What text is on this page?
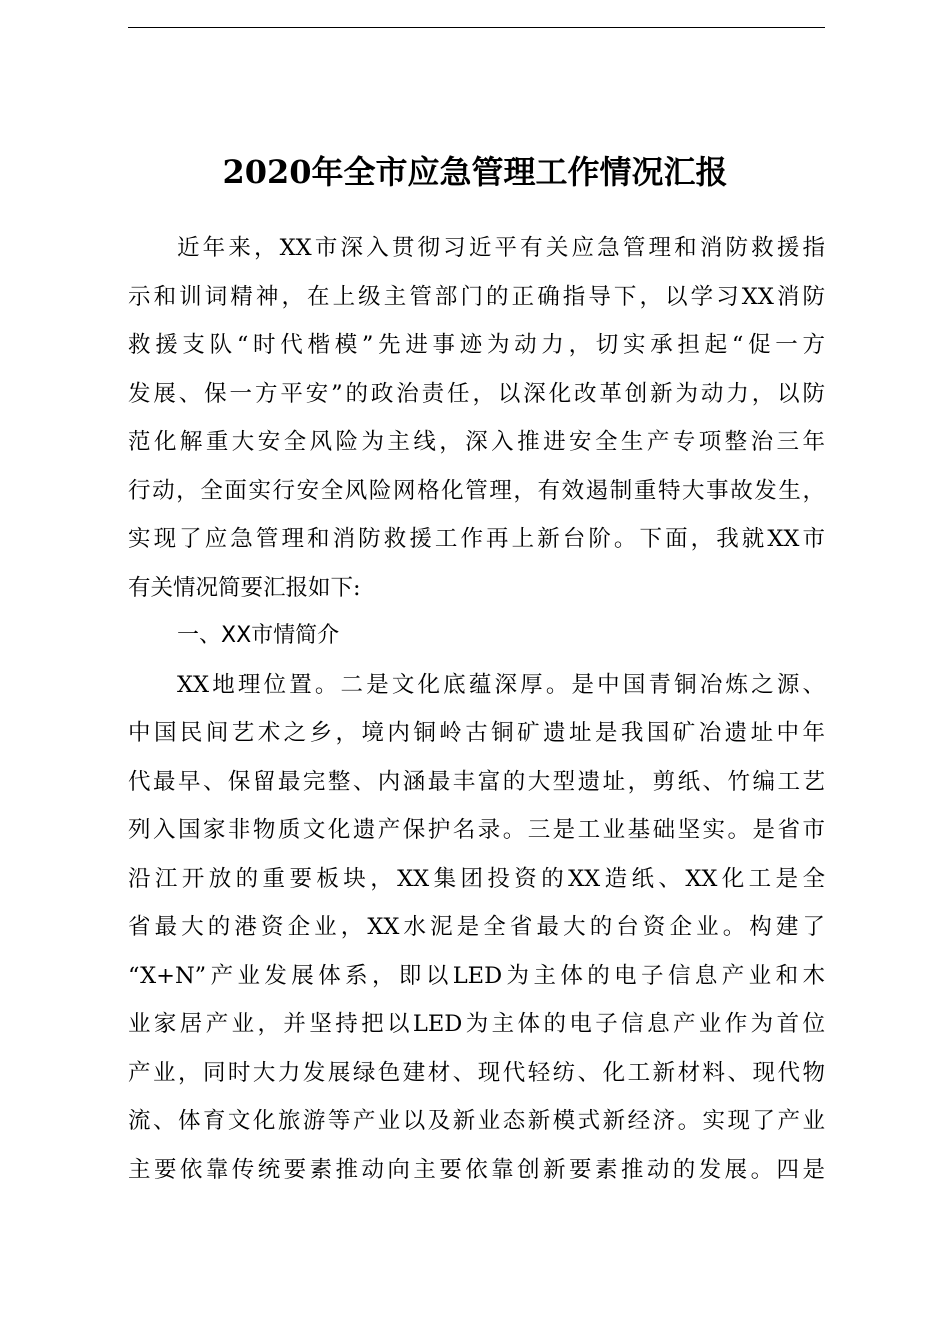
2020年全市应急管理工作情况汇报
近年来，XX市深入贯彻习近平有关应急管理和消防救援指
示和训词精神，在上级主管部门的正确指导下，以学习XX消防
救援支队“时代楷模”先进事迹为动力，切实承担起“促一方
发展、保一方平安”的政治责任，以深化改革创新为动力，以防
范化解重大安全风险为主线，深入推进安全生产专项整治三年
行动，全面实行安全风险网格化管理，有效遏制重特大事故发生，
实现了应急管理和消防救援工作再上新台阶。下面，我就XX市
有关情况简要汇报如下:
一、XX市情简介
XX地理位置。二是文化底蕴深厚。是中国青铜冶炼之源、
中国民间艺术之乡，境内铜岭古铜矿遗址是我国矿冶遗址中年
代最早、保留最完整、内涵最丰富的大型遗址，剪纸、竹编工艺
列入国家非物质文化遗产保护名录。三是工业基础坚实。是省市
沿江开放的重要板块，XX集团投资的XX造纸、XX化工是全
省最大的港资企业，XX水泥是全省最大的台资企业。构建了
“X+N”产业发展体系，即以LED为主体的电子信息产业和木
业家居产业，并坚持把以LED为主体的电子信息产业作为首位
产业，同时大力发展绿色建材、现代轻纺、化工新材料、现代物
流、体育文化旅游等产业以及新业态新模式新经济。实现了产业
主要依靠传统要素推动向主要依靠创新要素推动的发展。四是
